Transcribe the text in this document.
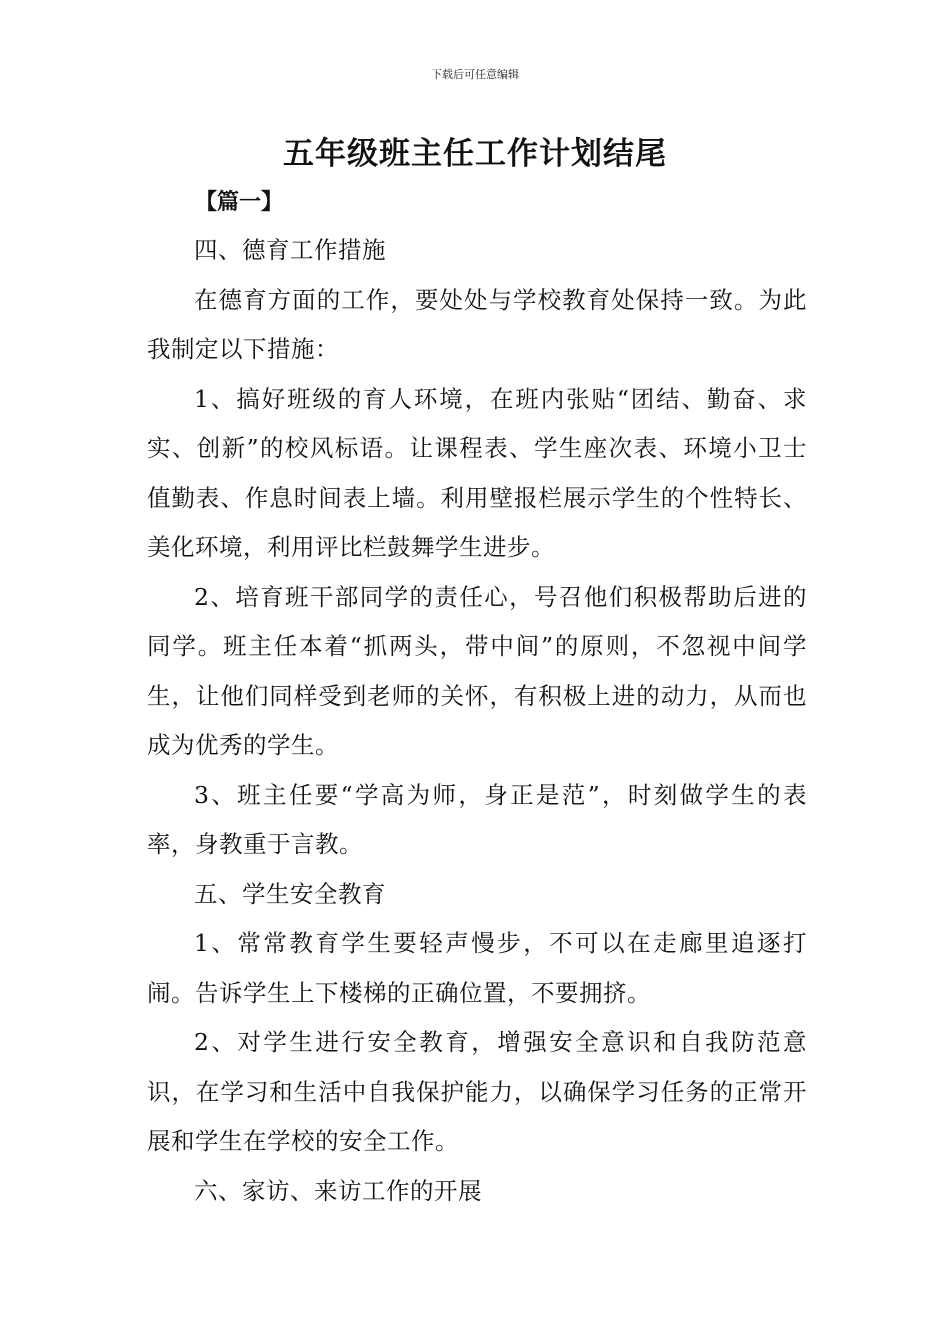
下载后可任意编辑
五年级班主任工作计划结尾
【篇一】

四、德育工作措施

在德育方面的工作，要处处与学校教育处保持一致。为此我制定以下措施：

1、搞好班级的育人环境，在班内张贴“团结、勤奋、求实、创新”的校风标语。让课程表、学生座次表、环境小卫士值勤表、作息时间表上墙。利用壁报栏展示学生的个性特长、美化环境，利用评比栏鼓舞学生进步。

2、培育班干部同学的责任心，号召他们积极帮助后进的同学。班主任本着“抓两头，带中间”的原则，不忽视中间学生，让他们同样受到老师的关怀，有积极上进的动力，从而也成为优秀的学生。

3、班主任要“学高为师，身正是范”，时刻做学生的表率，身教重于言教。

五、学生安全教育

1、常常教育学生要轻声慢步，不可以在走廊里追逐打闹。告诉学生上下楼梯的正确位置，不要拥挤。

2、对学生进行安全教育，增强安全意识和自我防范意识，在学习和生活中自我保护能力，以确保学习任务的正常开展和学生在学校的安全工作。

六、家访、来访工作的开展
